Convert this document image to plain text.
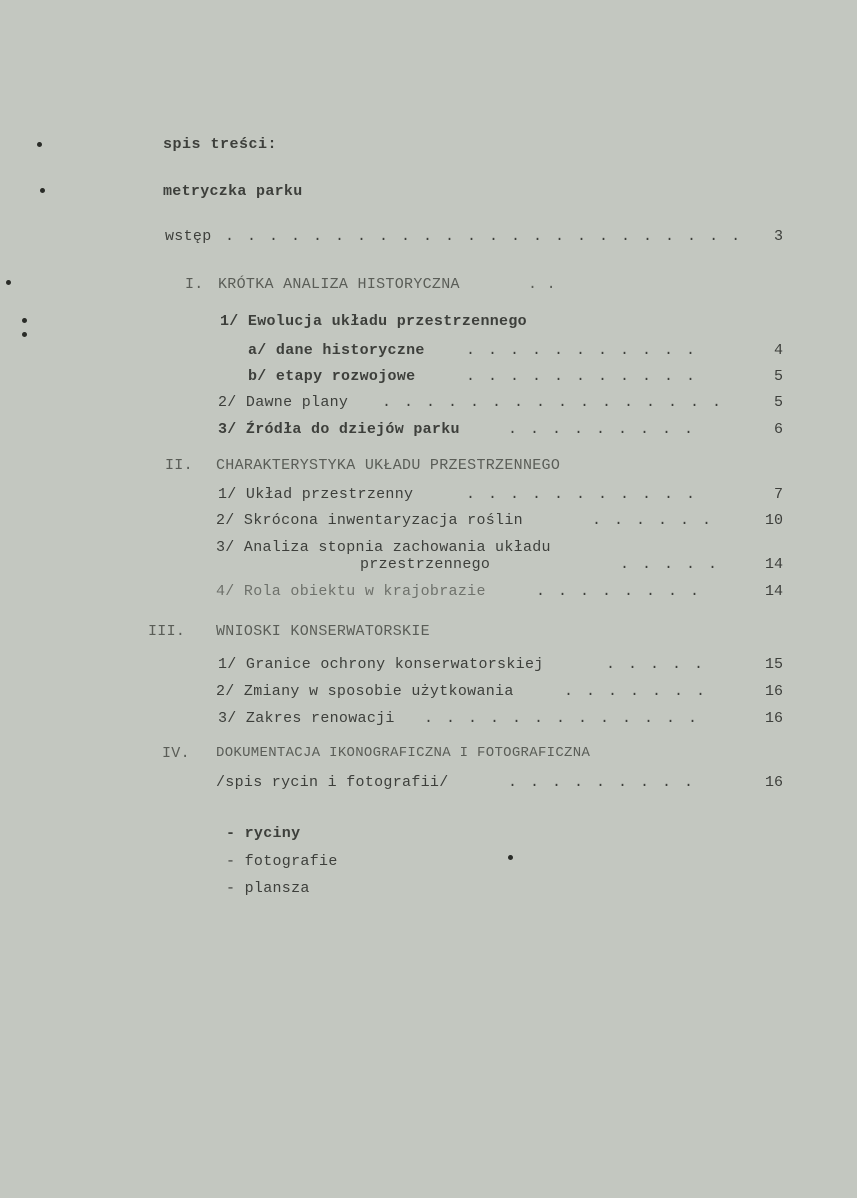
spis treści:
metryczka parku
wstęp . . . . . . . . . . . . . . . . . . . . . . . .	3
I. KRÓTKA ANALIZA HISTORYCZNA	. .
1/ Ewolucja układu przestrzennego
a/ dane historyczne	. . . . . . . . . . .	4
b/ etapy rozwojowe	. . . . . . . . . . .	5
2/ Dawne plany . . . . . . . . . . . . . . . .	5
3/ Źródła do dziejów parku	. . . . . . . . .	6
II. CHARAKTERYSTYKA UKŁADU PRZESTRZENNEGO
1/ Układ przestrzenny	. . . . . . . . . . .	7
2/ Skrócona inwentaryzacja roślin	. . . . . .	10
3/ Analiza stopnia zachowania układu
przestrzennego	. . . . .	14
4/ Rola obiektu w krajobrazie	. . . . . . . .	14
III. WNIOSKI KONSERWATORSKIE
1/ Granice ochrony konserwatorskiej	. . . . .	15
2/ Zmiany w sposobie użytkowania	. . . . . . .	16
3/ Zakres renowacji . . . . . . . . . . . . .	16
IV. DOKUMENTACJA IKONOGRAFICZNA I FOTOGRAFICZNA
/spis rycin i fotografii/	. . . . . . . . .	16
- ryciny
- fotografie
- plansza
